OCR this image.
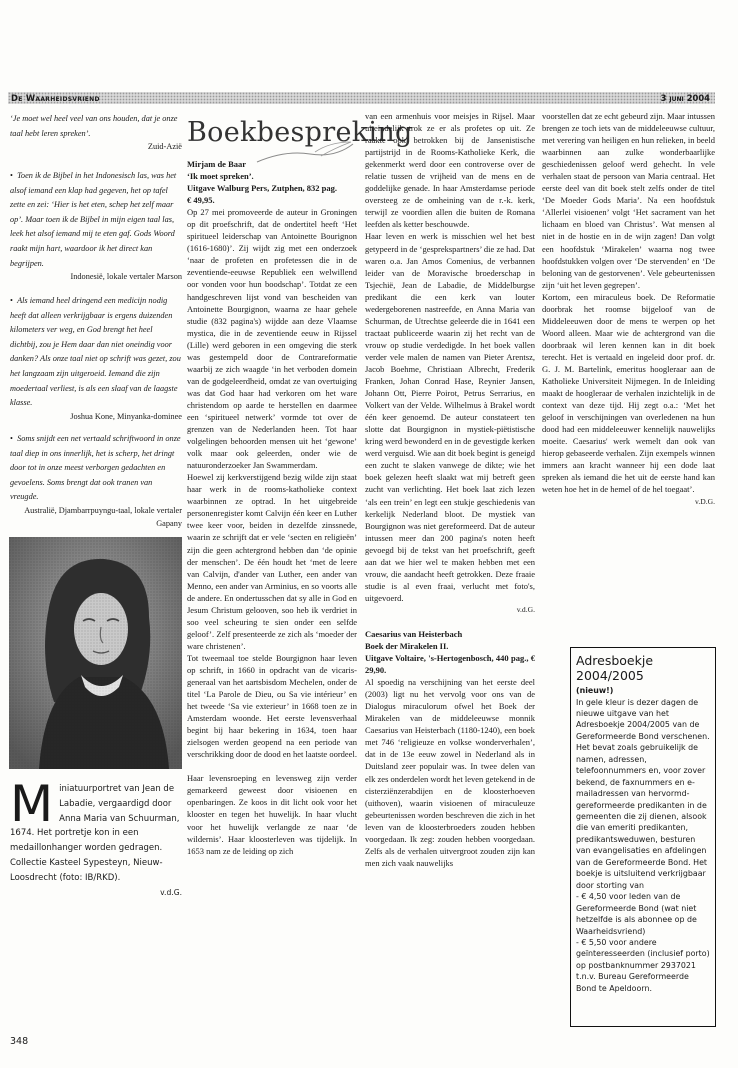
De Waarheidsvriend	3 juni 2004
‘Je moet wel heel veel van ons houden, dat je onze taal hebt leren spreken’.
Zuid-Azië
•  Toen ik de Bijbel in het Indonesisch las, was het alsof iemand een klap had gegeven, het op tafel zette en zei: ‘Hier is het eten, schep het zelf maar op’. Maar toen ik de Bijbel in mijn eigen taal las, leek het alsof iemand mij te eten gaf. Gods Woord raakt mijn hart, waardoor ik het direct kan begrijpen.
Indonesië, lokale vertaler Marson
•  Als iemand heel dringend een medicijn nodig heeft dat alleen verkrijgbaar is ergens duizenden kilometers ver weg, en God brengt het heel dichtbij, zou je Hem daar dan niet oneindig voor danken? Als onze taal niet op schrift was gezet, zou het langzaam zijn uitgeroeid. Iemand die zijn moedertaal verliest, is als een slaaf van de laagste klasse.
Joshua Kone, Minyanka-dominee
•  Soms snijdt een net vertaald schriftwoord in onze taal diep in ons innerlijk, het is scherp, het dringt door tot in onze meest verborgen gedachten en gevoelens. Soms brengt dat ook tranen van vreugde.
Australië, Djambarrpuyngu-taal, lokale vertaler Gapany
Miniatuurportret van Jean de Labadie, vergaardigd door Anna Maria van Schuurman, 1674. Het portretje kon in een medaillonhanger worden gedragen. Collectie Kasteel Sypesteyn, Nieuw-Loosdrecht (foto: IB/RKD).
v.d.G.
Boekbespreking

Mirjam de Baar

‘Ik moet spreken’.

Uitgave Walburg Pers, Zutphen, 832 pag.

€ 49,95.

Op 27 mei promoveerde de auteur in Groningen op dit proefschrift, dat de ondertitel heeft ‘Het spiritueel leiderschap van Antoinette Bourignon (1616-1680)’. Zij wijdt zig met een onderzoek ‘naar de profeten en profetessen die in de zeventiende-eeuwse Republiek een welwillend oor vonden voor hun boodschap’. Totdat ze een handgeschreven lijst vond van bescheiden van Antoinette Bourgignon, waarna ze haar gehele studie (832 pagina's) wijdde aan deze Vlaamse mystica, die in de zeventiende eeuw in Rijssel (Lille) werd geboren in een omgeving die sterk was gestempeld door de Contrareformatie waarbij ze zich waagde ‘in het verboden domein van de godgeleerdheid, omdat ze van overtuiging was dat God haar had verkoren om het ware christendom op aarde te herstellen en daarmee een ‘spiritueel netwerk’ vormde tot over de grenzen van de Nederlanden heen. Tot haar volgelingen behoorden mensen uit het ‘gewone’ volk maar ook geleerden, onder wie de natuuronderzoeker Jan Swammerdam.

Hoewel zij kerkverstijgend bezig wilde zijn staat haar werk in de rooms-katholieke context waarbinnen ze optrad. In het uitgebreide personenregister komt Calvijn één keer en Luther twee keer voor, beiden in dezelfde zinssnede, waarin ze schrijft dat er vele ‘secten en religieën’ zijn die geen achtergrond hebben dan ‘de opinie der menschen’. De één houdt het ‘met de leere van Calvijn, d'ander van Luther, een ander van Menno, een ander van Arminius, en so voorts alle de andere. En ondertusschen dat sy alle in God en Jesum Christum gelooven, soo heb ik verdriet in soo veel scheuring te sien onder een selfde geloof’. Zelf presenteerde ze zich als ‘moeder der ware christenen’.

Tot tweemaal toe stelde Bourgignon haar leven op schrift, in 1660 in opdracht van de vicaris-generaal van het aartsbisdom Mechelen, onder de titel ‘La Parole de Dieu, ou Sa vie intérieur’ en het tweede ‘Sa vie exterieur’ in 1668 toen ze in Amsterdam woonde. Het eerste levensverhaal begint bij haar bekering in 1634, toen haar zielsogen werden geopend na een periode van verschrikking door de dood en het laatste oordeel.

Haar levensroeping en levensweg zijn verder gemarkeerd geweest door visioenen en openbaringen. Ze koos in dit licht ook voor het klooster en tegen het huwelijk. In haar vlucht voor het huwelijk verlangde ze naar ‘de wildernis’. Haar kloosterleven was tijdelijk. In 1653 nam ze de leiding op zich

van een armenhuis voor meisjes in Rijsel. Maar uiteindelijk trok ze er als profetes op uit. Ze raakte ook betrokken bij de Jansenistische partijstrijd in de Rooms-Katholieke Kerk, die gekenmerkt werd door een controverse over de relatie tussen de vrijheid van de mens en de goddelijke genade. In haar Amsterdamse periode oversteeg ze de omheining van de r.-k. kerk, terwijl ze voordien allen die buiten de Romana leefden als ketter beschouwde.

Haar leven en werk is misschien wel het best getypeerd in de ‘gesprekspartners’ die ze had. Dat waren o.a. Jan Amos Comenius, de verbannen leider van de Moravische broederschap in Tsjechië, Jean de Labadie, de Middelburgse predikant die een kerk van louter wedergeborenen nastreefde, en Anna Maria van Schurman, de Utrechtse geleerde die in 1641 een tractaat publiceerde waarin zij het recht van de vrouw op studie verdedigde. In het boek vallen verder vele malen de namen van Pieter Arentsz, Jacob Boehme, Christiaan Albrecht, Frederik Franken, Johan Conrad Hase, Reynier Jansen, Johann Ott, Pierre Poirot, Petrus Serrarius, en Volkert van der Velde. Wilhelmus à Brakel wordt één keer genoemd. De auteur constateert ten slotte dat Bourgignon in mystiek-piëtistische kring werd bewonderd en in de gevestigde kerken werd verguisd. Wie aan dit boek begint is geneigd een zucht te slaken vanwege de dikte; wie het boek gelezen heeft slaakt wat mij betreft geen zucht van verlichting. Het boek laat zich lezen ‘als een trein’ en legt een stukje geschiedenis van kerkelijk Nederland bloot. De mystiek van Bourgignon was niet gereformeerd. Dat de auteur intussen meer dan 200 pagina's noten heeft gevoegd bij de tekst van het proefschrift, geeft aan dat we hier wel te maken hebben met een vrouw, die aandacht heeft getrokken. Deze fraaie studie is al even fraai, verlucht met foto's, uitgevoerd.

v.d.G.

Caesarius van Heisterbach

Boek der Mirakelen II.

Uitgave Voltaire, 's-Hertogenbosch, 440 pag., € 29,90.

Al spoedig na verschijning van het eerste deel (2003) ligt nu het vervolg voor ons van de Dialogus miraculorum ofwel het Boek der Mirakelen van de middeleeuwse monnik Caesarius van Heisterbach (1180-1240), een boek met 746 ‘religieuze en volkse wonderverhalen’, dat in de 13e eeuw zowel in Nederland als in Duitsland zeer populair was. In twee delen van elk zes onderdelen wordt het leven getekend in de cisterziënzerabdijen en de kloosterhoeven (uithoven), waarin visioenen of miraculeuze gebeurtenissen worden beschreven die zich in het leven van de kloosterbroeders zouden hebben voorgedaan. Ik zeg: zouden hebben voorgedaan. Zelfs als de verhalen uitvergroot zouden zijn kan men zich vaak nauwelijks

voorstellen dat ze echt gebeurd zijn. Maar intussen brengen ze toch iets van de middeleeuwse cultuur, met verering van heiligen en hun relieken, in beeld waarbinnen aan zulke wonderbaarlijke geschiedenissen geloof werd gehecht. In vele verhalen staat de persoon van Maria centraal. Het eerste deel van dit boek stelt zelfs onder de titel ‘De Moeder Gods Maria’. Na een hoofdstuk ‘Allerlei visioenen’ volgt ‘Het sacrament van het lichaam en bloed van Christus’. Wat mensen al niet in de hostie en in de wijn zagen! Dan volgt een hoofdstuk ‘Mirakelen’ waarna nog twee hoofdstukken volgen over ‘De stervenden’ en ‘De beloning van de gestorvenen’. Vele gebeurtenissen zijn ‘uit het leven gegrepen’.

Kortom, een miraculeus boek. De Reformatie doorbrak het roomse bijgeloof van de Middeleeuwen door de mens te werpen op het Woord alleen. Maar wie de achtergrond van die doorbraak wil leren kennen kan in dit boek terecht. Het is vertaald en ingeleid door prof. dr. G. J. M. Bartelink, emeritus hoogleraar aan de Katholieke Universiteit Nijmegen. In de Inleiding maakt de hoogleraar de verhalen inzichtelijk in de context van deze tijd. Hij zegt o.a.: ‘Met het geloof in verschijningen van overledenen na hun dood had een middeleeuwer kennelijk nauwelijks moeite. Caesarius' werk wemelt dan ook van hierop gebaseerde verhalen. Zijn exempels winnen immers aan kracht wanneer hij een dode laat spreken als iemand die het uit de eerste hand kan weten hoe het in de hemel of de hel toegaat’.

v.D.G.

Adresboekje 2004/2005
(nieuw!)

In gele kleur is dezer dagen de nieuwe uitgave van het Adresboekje 2004/2005 van de Gereformeerde Bond verschenen. Het bevat zoals gebruikelijk de namen, adressen, telefoonnummers en, voor zover bekend, de faxnummers en e-mailadressen van hervormd-gereformeerde predikanten in de gemeenten die zij dienen, alsook die van emeriti predikanten, predikantsweduwen, besturen van evangelisaties en afdelingen van de Gereformeerde Bond. Het boekje is uitsluitend verkrijgbaar door storting van

- € 4,50 voor leden van de Gereformeerde Bond (wat niet hetzelfde is als abonnee op de Waarheidsvriend)

- € 5,50 voor andere geïnteresseerden (inclusief porto) op postbanknummer 2937021 t.n.v. Bureau Gereformeerde Bond te Apeldoorn.

348
